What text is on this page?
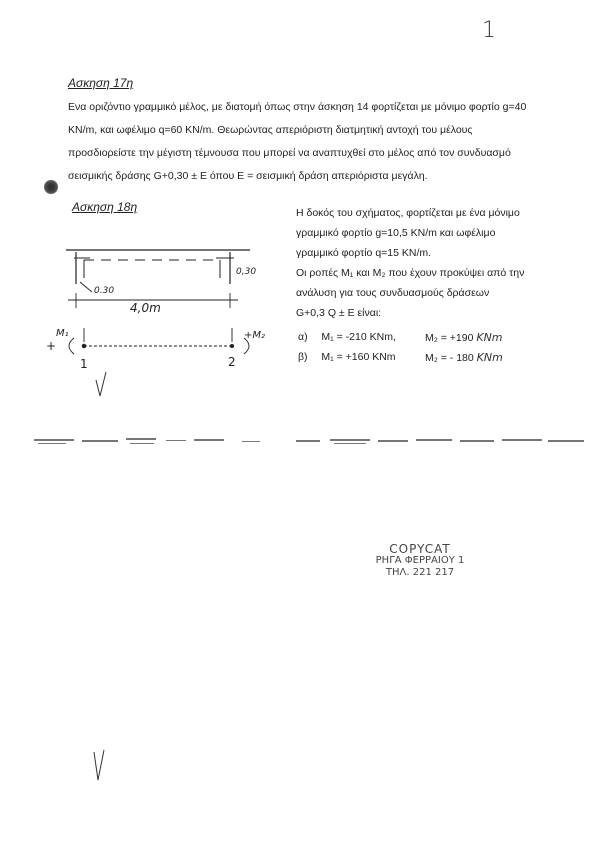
1
Ασκηση 17η
Ενα οριζόντιο γραμμικό μέλος, με διατομή όπως στην άσκηση 14 φορτίζεται με μόνιμο φορτίο g=40
KN/m, και ωφέλιμο q=60 KN/m. Θεωρώντας απεριόριστη διατμητική αντοχή του μέλους
προσδιορείστε την μέγιστη τέμνουσα που μπορεί να αναπτυχθεί στο μέλος από τον συνδυασμό
σεισμικής δράσης G+0,30 ± E όπου E = σεισμική δράση απεριόριστα μεγάλη.
Ασκηση 18η	Η δοκός του σχήματος, φορτίζεται με ένα μόνιμο
γραμμικό φορτίο g=10,5 KN/m και ωφέλιμο
γραμμικό φορτίο q=15 KN/m.
Οι ροπές M₁ και M₂ που έχουν προκύψει από την
ανάλυση για τους συνδυασμούς δράσεων
G+0,3 Q ± E είναι:
α) M₁ = -210 KNm,	M₂ = +190 KNm
β) M₁ = +160 KNm	M₂ = - 180 KNm
0.30
0,30
4,0m
M₁
+
+M₂
1	2
COPYCAT
ΡΗΓΑ ΦΕΡΡΑΙΟΥ 1
ΤΗΛ. 221 217
